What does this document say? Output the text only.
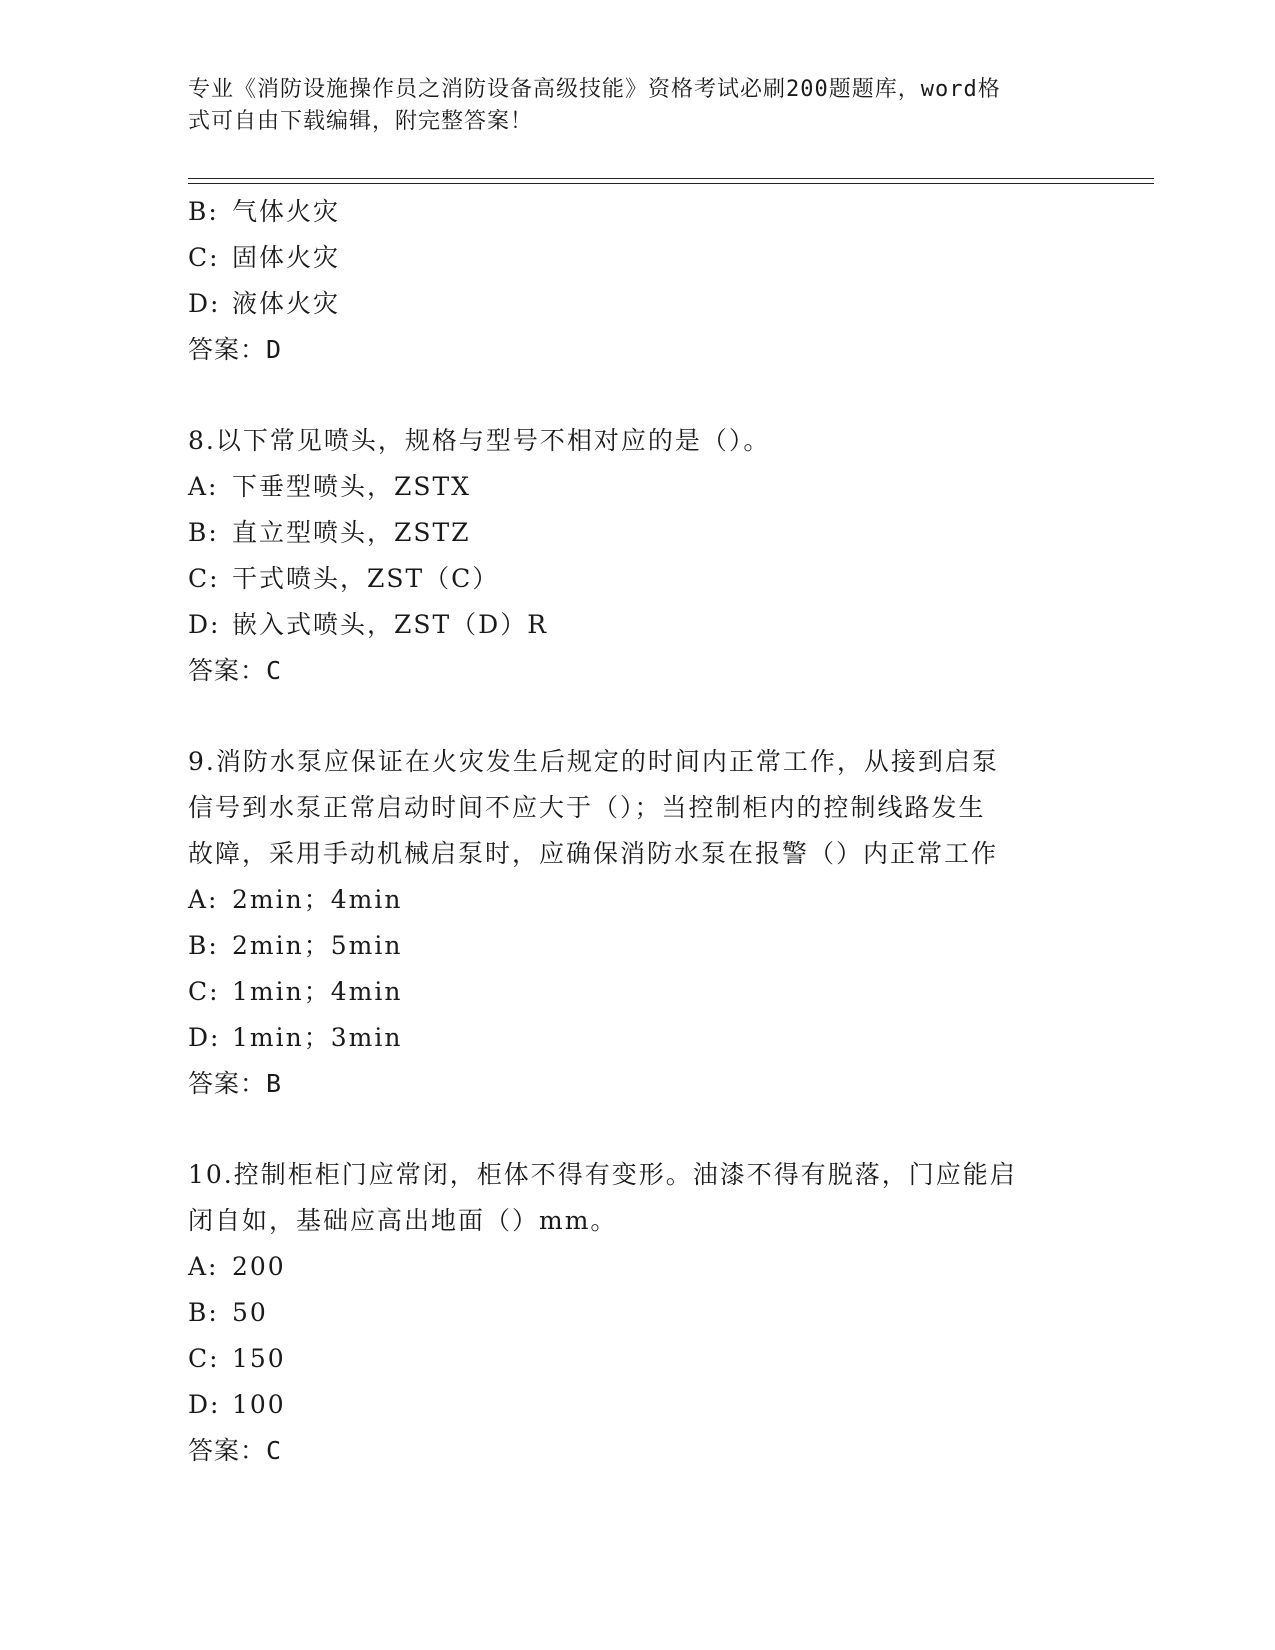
专业《消防设施操作员之消防设备高级技能》资格考试必刷200题题库，word格
式可自由下载编辑，附完整答案！
B: 气体火灾
C: 固体火灾
D: 液体火灾
答案：D
8.以下常见喷头，规格与型号不相对应的是（）。
A: 下垂型喷头，ZSTX
B: 直立型喷头，ZSTZ
C: 干式喷头，ZST（C）
D: 嵌入式喷头，ZST（D）R
答案：C
9.消防水泵应保证在火灾发生后规定的时间内正常工作，从接到启泵
信号到水泵正常启动时间不应大于（）；当控制柜内的控制线路发生
故障，采用手动机械启泵时，应确保消防水泵在报警（）内正常工作
A: 2min；4min
B: 2min；5min
C: 1min；4min
D: 1min；3min
答案：B
10.控制柜柜门应常闭，柜体不得有变形。油漆不得有脱落，门应能启
闭自如，基础应高出地面（）mm。
A: 200
B: 50
C: 150
D: 100
答案：C
